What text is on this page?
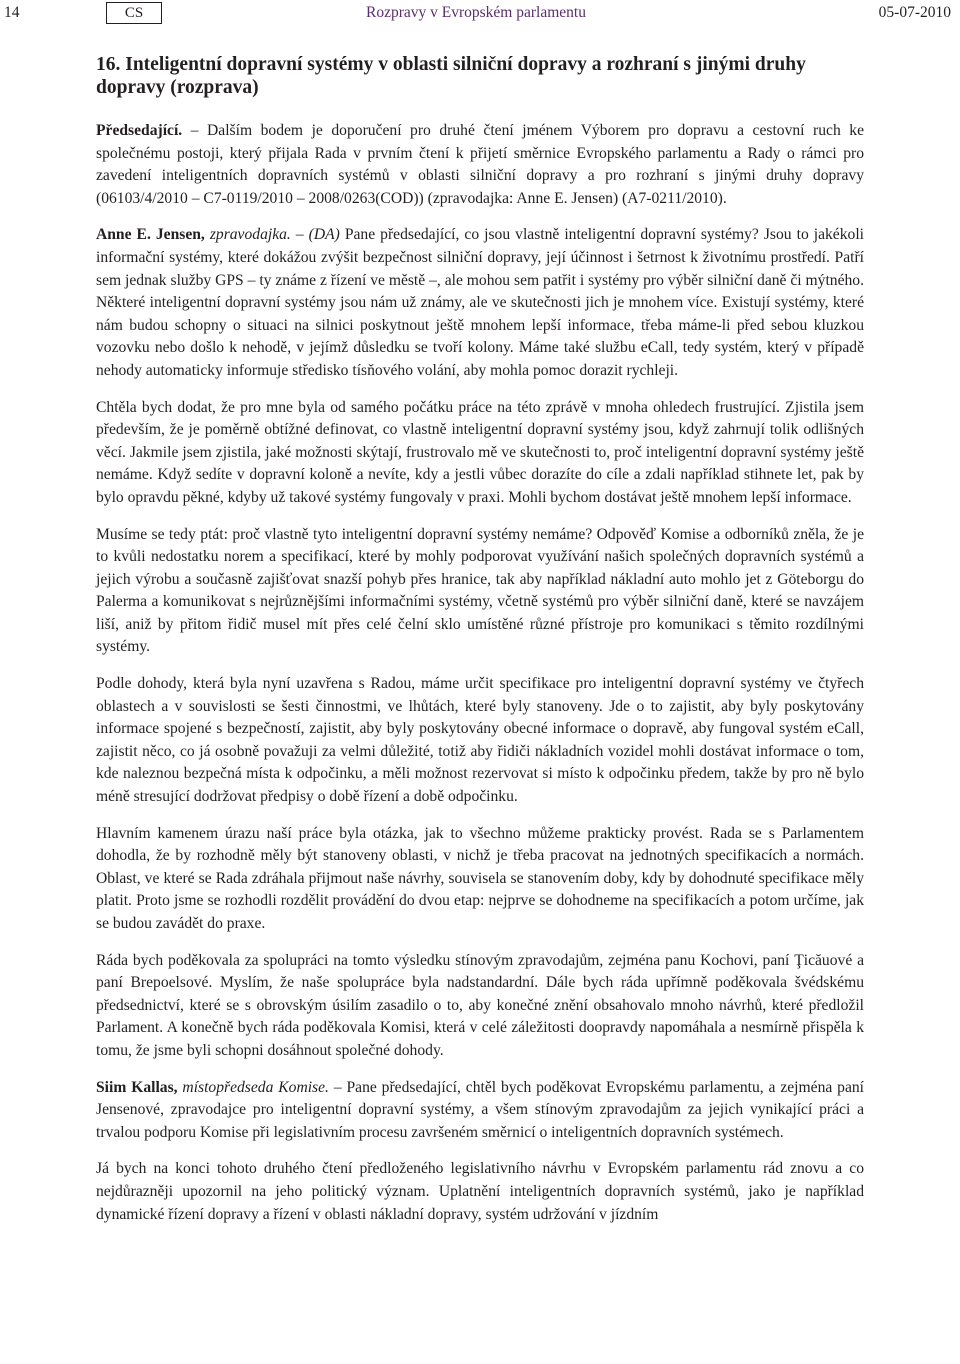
14	CS	Rozpravy v Evropském parlamentu	05-07-2010
16. Inteligentní dopravní systémy v oblasti silniční dopravy a rozhraní s jinými druhy dopravy (rozprava)

Předsedající. – Dalším bodem je doporučení pro druhé čtení jménem Výborem pro dopravu a cestovní ruch ke společnému postoji, který přijala Rada v prvním čtení k přijetí směrnice Evropského parlamentu a Rady o rámci pro zavedení inteligentních dopravních systémů v oblasti silniční dopravy a pro rozhraní s jinými druhy dopravy (06103/4/2010 – C7-0119/2010 – 2008/0263(COD)) (zpravodajka: Anne E. Jensen) (A7-0211/2010).

Anne E. Jensen, zpravodajka. – (DA) Pane předsedající, co jsou vlastně inteligentní dopravní systémy? Jsou to jakékoli informační systémy, které dokážou zvýšit bezpečnost silniční dopravy, její účinnost i šetrnost k životnímu prostředí. Patří sem jednak služby GPS – ty známe z řízení ve městě –, ale mohou sem patřit i systémy pro výběr silniční daně či mýtného. Některé inteligentní dopravní systémy jsou nám už známy, ale ve skutečnosti jich je mnohem více. Existují systémy, které nám budou schopny o situaci na silnici poskytnout ještě mnohem lepší informace, třeba máme-li před sebou kluzkou vozovku nebo došlo k nehodě, v jejímž důsledku se tvoří kolony. Máme také službu eCall, tedy systém, který v případě nehody automaticky informuje středisko tísňového volání, aby mohla pomoc dorazit rychleji.

Chtěla bych dodat, že pro mne byla od samého počátku práce na této zprávě v mnoha ohledech frustrující. Zjistila jsem především, že je poměrně obtížné definovat, co vlastně inteligentní dopravní systémy jsou, když zahrnují tolik odlišných věcí. Jakmile jsem zjistila, jaké možnosti skýtají, frustrovalo mě ve skutečnosti to, proč inteligentní dopravní systémy ještě nemáme. Když sedíte v dopravní koloně a nevíte, kdy a jestli vůbec dorazíte do cíle a zdali například stihnete let, pak by bylo opravdu pěkné, kdyby už takové systémy fungovaly v praxi. Mohli bychom dostávat ještě mnohem lepší informace.

Musíme se tedy ptát: proč vlastně tyto inteligentní dopravní systémy nemáme? Odpověď Komise a odborníků zněla, že je to kvůli nedostatku norem a specifikací, které by mohly podporovat využívání našich společných dopravních systémů a jejich výrobu a současně zajišťovat snazší pohyb přes hranice, tak aby například nákladní auto mohlo jet z Göteborgu do Palerma a komunikovat s nejrůznějšími informačními systémy, včetně systémů pro výběr silniční daně, které se navzájem liší, aniž by přitom řidič musel mít přes celé čelní sklo umístěné různé přístroje pro komunikaci s těmito rozdílnými systémy.

Podle dohody, která byla nyní uzavřena s Radou, máme určit specifikace pro inteligentní dopravní systémy ve čtyřech oblastech a v souvislosti se šesti činnostmi, ve lhůtách, které byly stanoveny. Jde o to zajistit, aby byly poskytovány informace spojené s bezpečností, zajistit, aby byly poskytovány obecné informace o dopravě, aby fungoval systém eCall, zajistit něco, co já osobně považuji za velmi důležité, totiž aby řidiči nákladních vozidel mohli dostávat informace o tom, kde naleznou bezpečná místa k odpočinku, a měli možnost rezervovat si místo k odpočinku předem, takže by pro ně bylo méně stresující dodržovat předpisy o době řízení a době odpočinku.

Hlavním kamenem úrazu naší práce byla otázka, jak to všechno můžeme prakticky provést. Rada se s Parlamentem dohodla, že by rozhodně měly být stanoveny oblasti, v nichž je třeba pracovat na jednotných specifikacích a normách. Oblast, ve které se Rada zdráhala přijmout naše návrhy, souvisela se stanovením doby, kdy by dohodnuté specifikace měly platit. Proto jsme se rozhodli rozdělit provádění do dvou etap: nejprve se dohodneme na specifikacích a potom určíme, jak se budou zavádět do praxe.

Ráda bych poděkovala za spolupráci na tomto výsledku stínovým zpravodajům, zejména panu Kochovi, paní Ţicăuové a paní Brepoelsové. Myslím, že naše spolupráce byla nadstandardní. Dále bych ráda upřímně poděkovala švédskému předsednictví, které se s obrovským úsilím zasadilo o to, aby konečné znění obsahovalo mnoho návrhů, které předložil Parlament. A konečně bych ráda poděkovala Komisi, která v celé záležitosti doopravdy napomáhala a nesmírně přispěla k tomu, že jsme byli schopni dosáhnout společné dohody.

Siim Kallas, místopředseda Komise. – Pane předsedající, chtěl bych poděkovat Evropskému parlamentu, a zejména paní Jensenové, zpravodajce pro inteligentní dopravní systémy, a všem stínovým zpravodajům za jejich vynikající práci a trvalou podporu Komise při legislativním procesu završeném směrnicí o inteligentních dopravních systémech.

Já bych na konci tohoto druhého čtení předloženého legislativního návrhu v Evropském parlamentu rád znovu a co nejdůrazněji upozornil na jeho politický význam. Uplatnění inteligentních dopravních systémů, jako je například dynamické řízení dopravy a řízení v oblasti nákladní dopravy, systém udržování v jízdním
